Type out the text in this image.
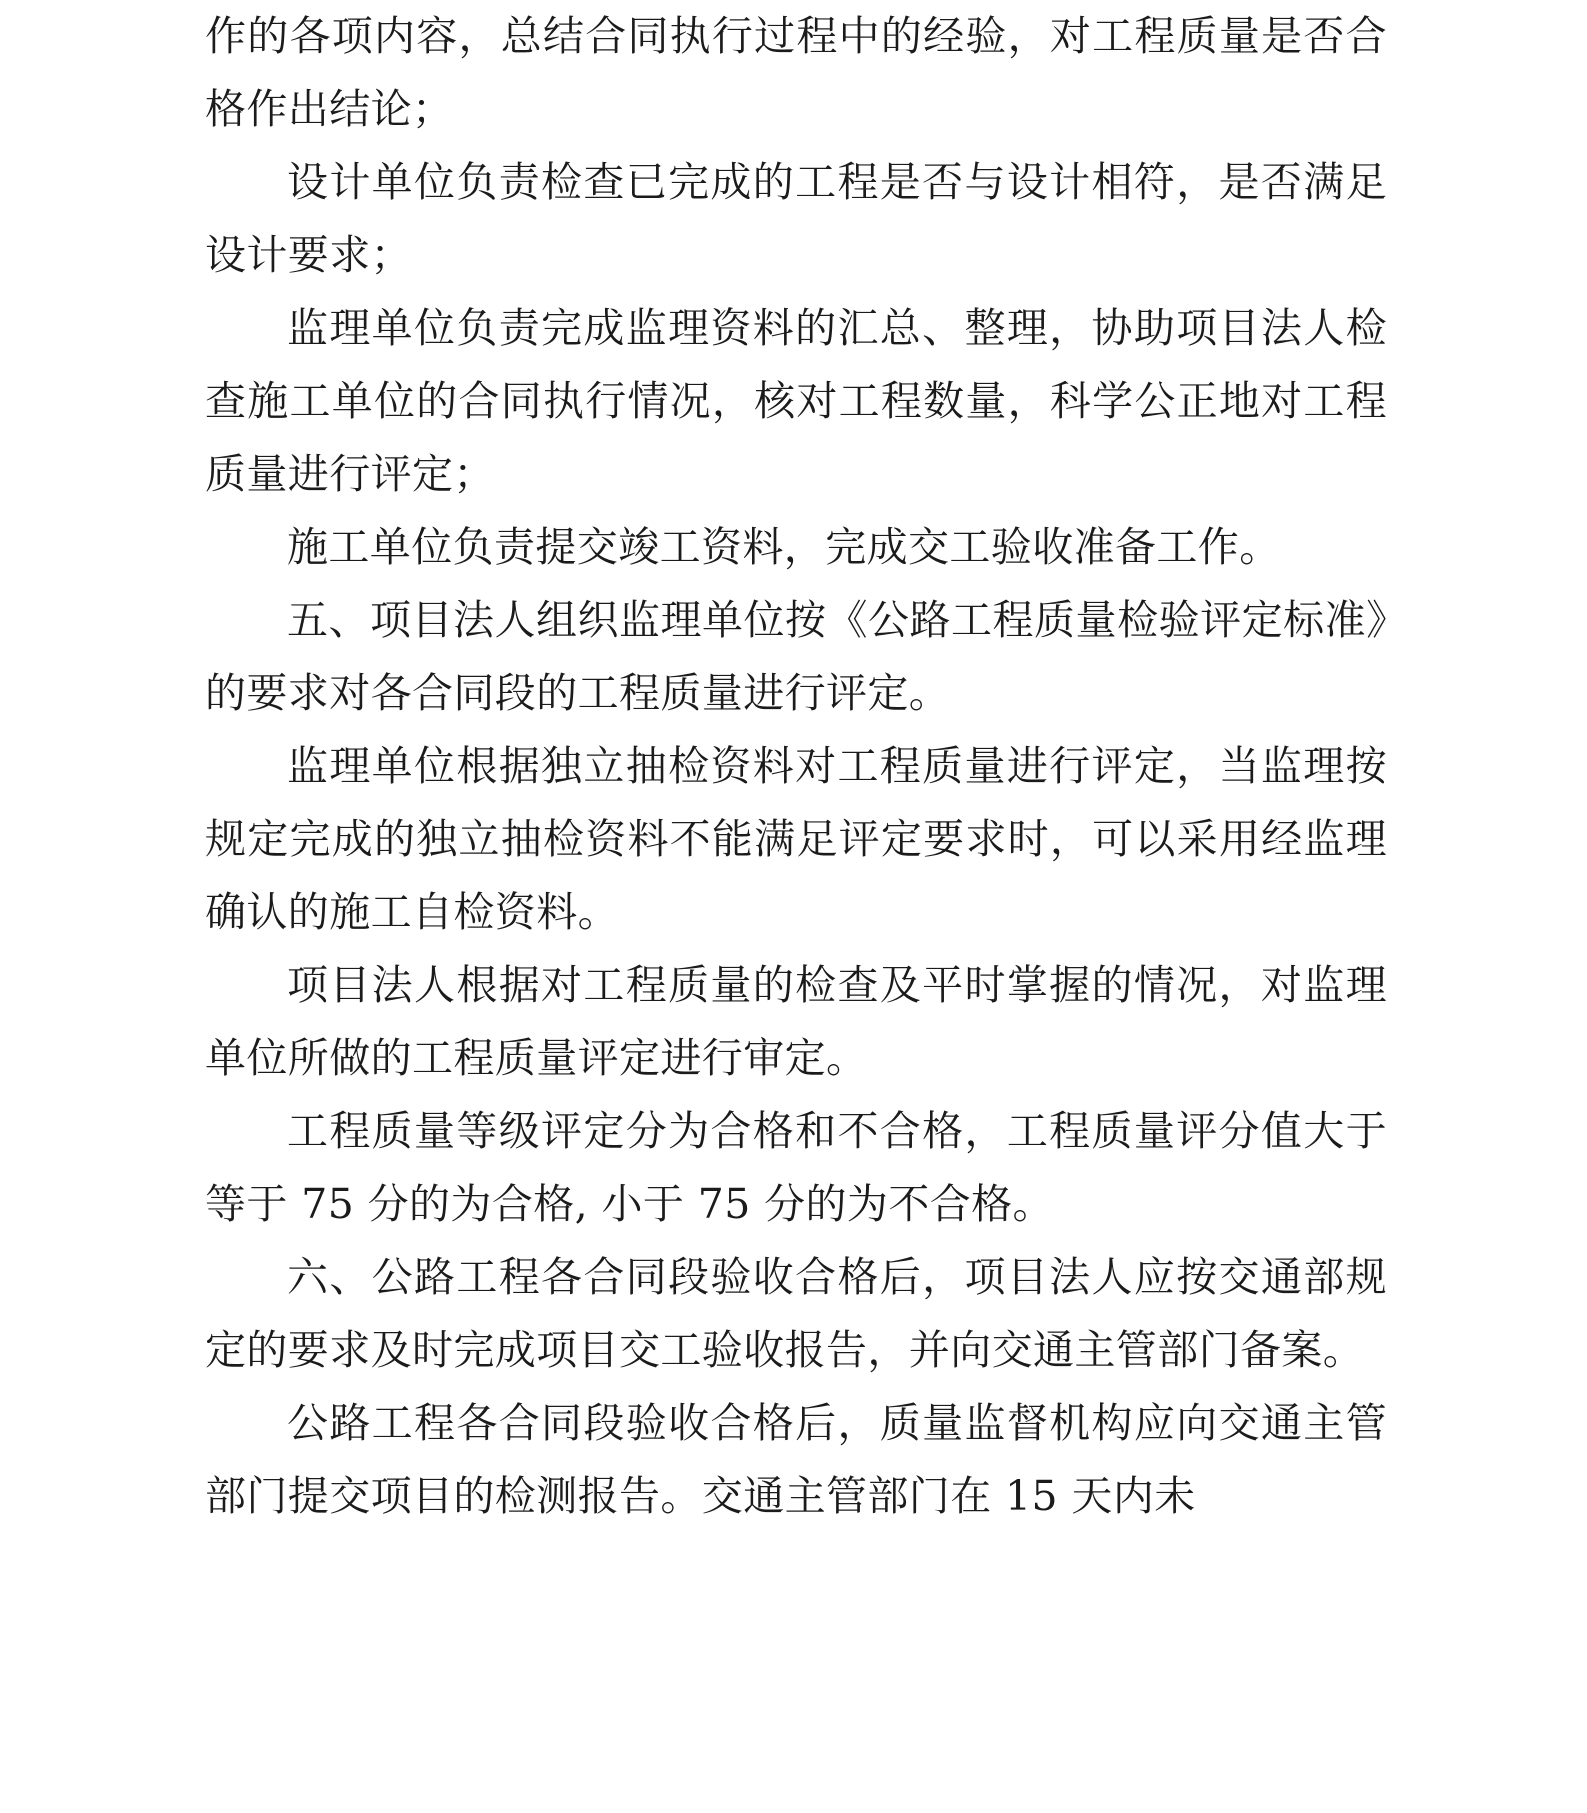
作的各项内容，总结合同执行过程中的经验，对工程质量是否合格作出结论；

设计单位负责检查已完成的工程是否与设计相符，是否满足设计要求；

监理单位负责完成监理资料的汇总、整理，协助项目法人检查施工单位的合同执行情况，核对工程数量，科学公正地对工程质量进行评定；

施工单位负责提交竣工资料，完成交工验收准备工作。

五、项目法人组织监理单位按《公路工程质量检验评定标准》的要求对各合同段的工程质量进行评定。

监理单位根据独立抽检资料对工程质量进行评定，当监理按规定完成的独立抽检资料不能满足评定要求时，可以采用经监理确认的施工自检资料。

项目法人根据对工程质量的检查及平时掌握的情况，对监理单位所做的工程质量评定进行审定。

工程质量等级评定分为合格和不合格，工程质量评分值大于等于 75 分的为合格, 小于 75 分的为不合格。

六、公路工程各合同段验收合格后，项目法人应按交通部规定的要求及时完成项目交工验收报告，并向交通主管部门备案。

公路工程各合同段验收合格后，质量监督机构应向交通主管部门提交项目的检测报告。交通主管部门在 15 天内未
